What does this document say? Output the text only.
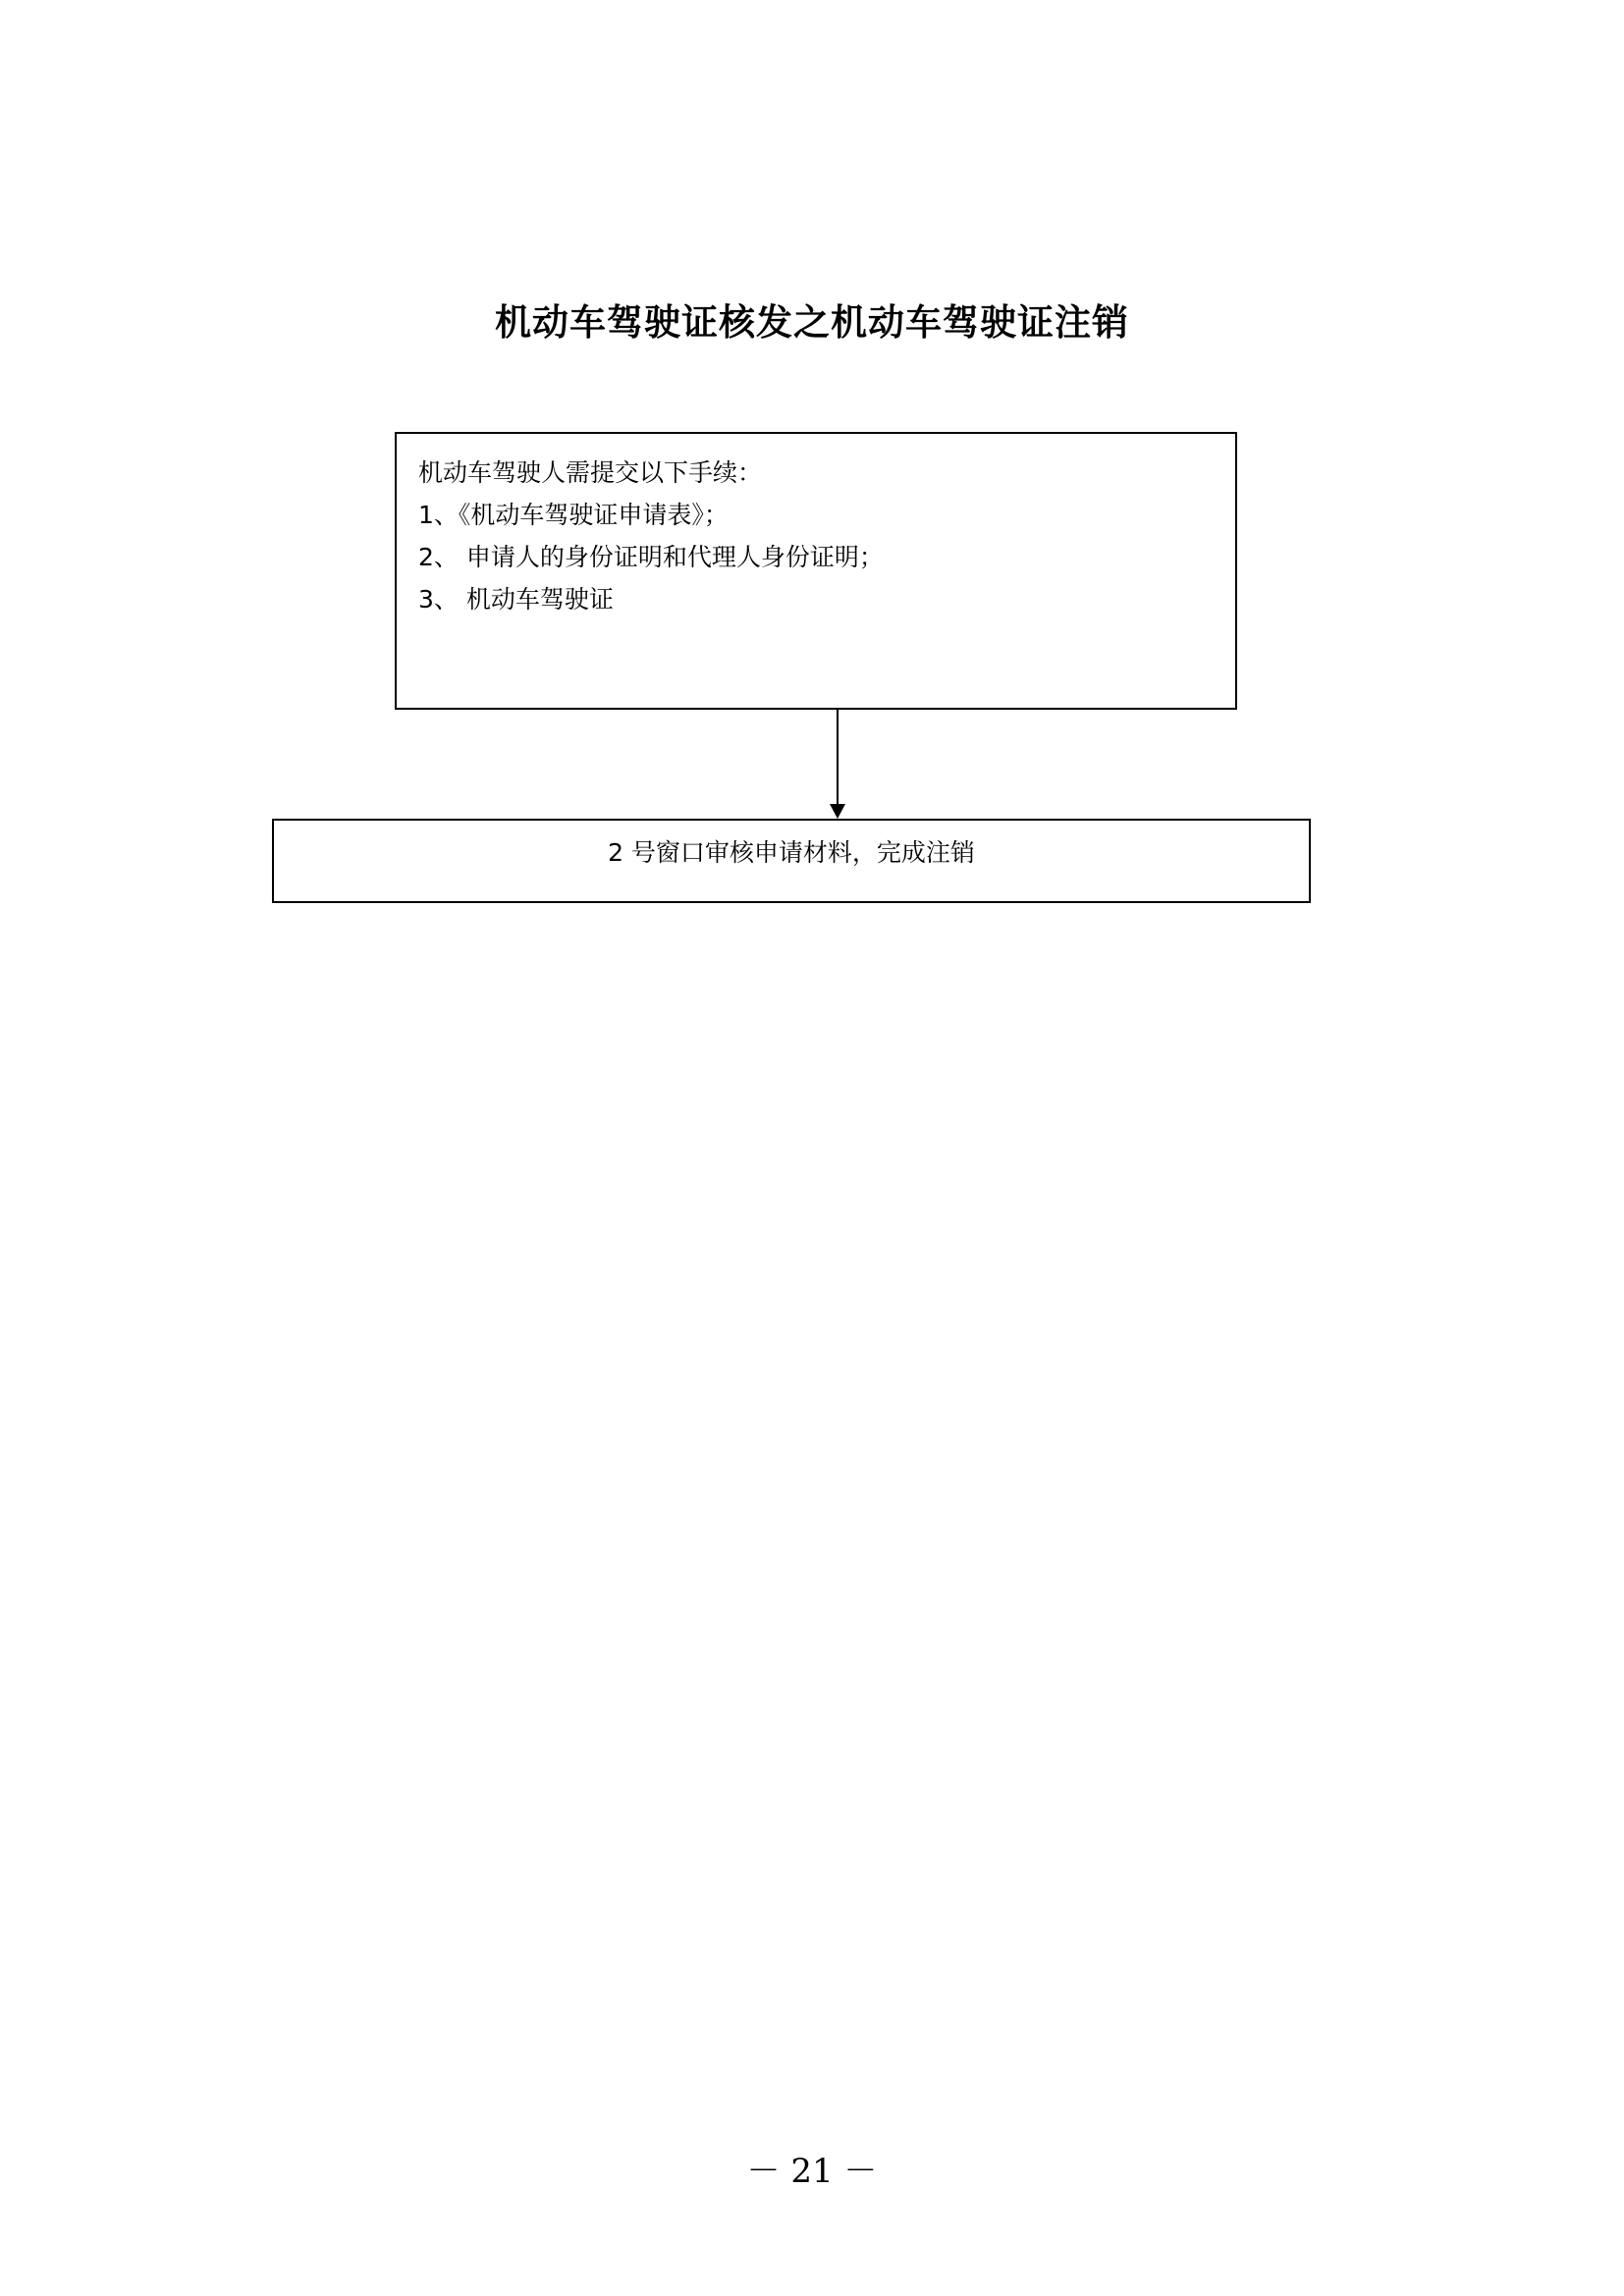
机动车驾驶证核发之机动车驾驶证注销
机动车驾驶人需提交以下手续：
1、《机动车驾驶证申请表》；
2、 申请人的身份证明和代理人身份证明；
3、 机动车驾驶证
2 号窗口审核申请材料，完成注销
－ 21 －
